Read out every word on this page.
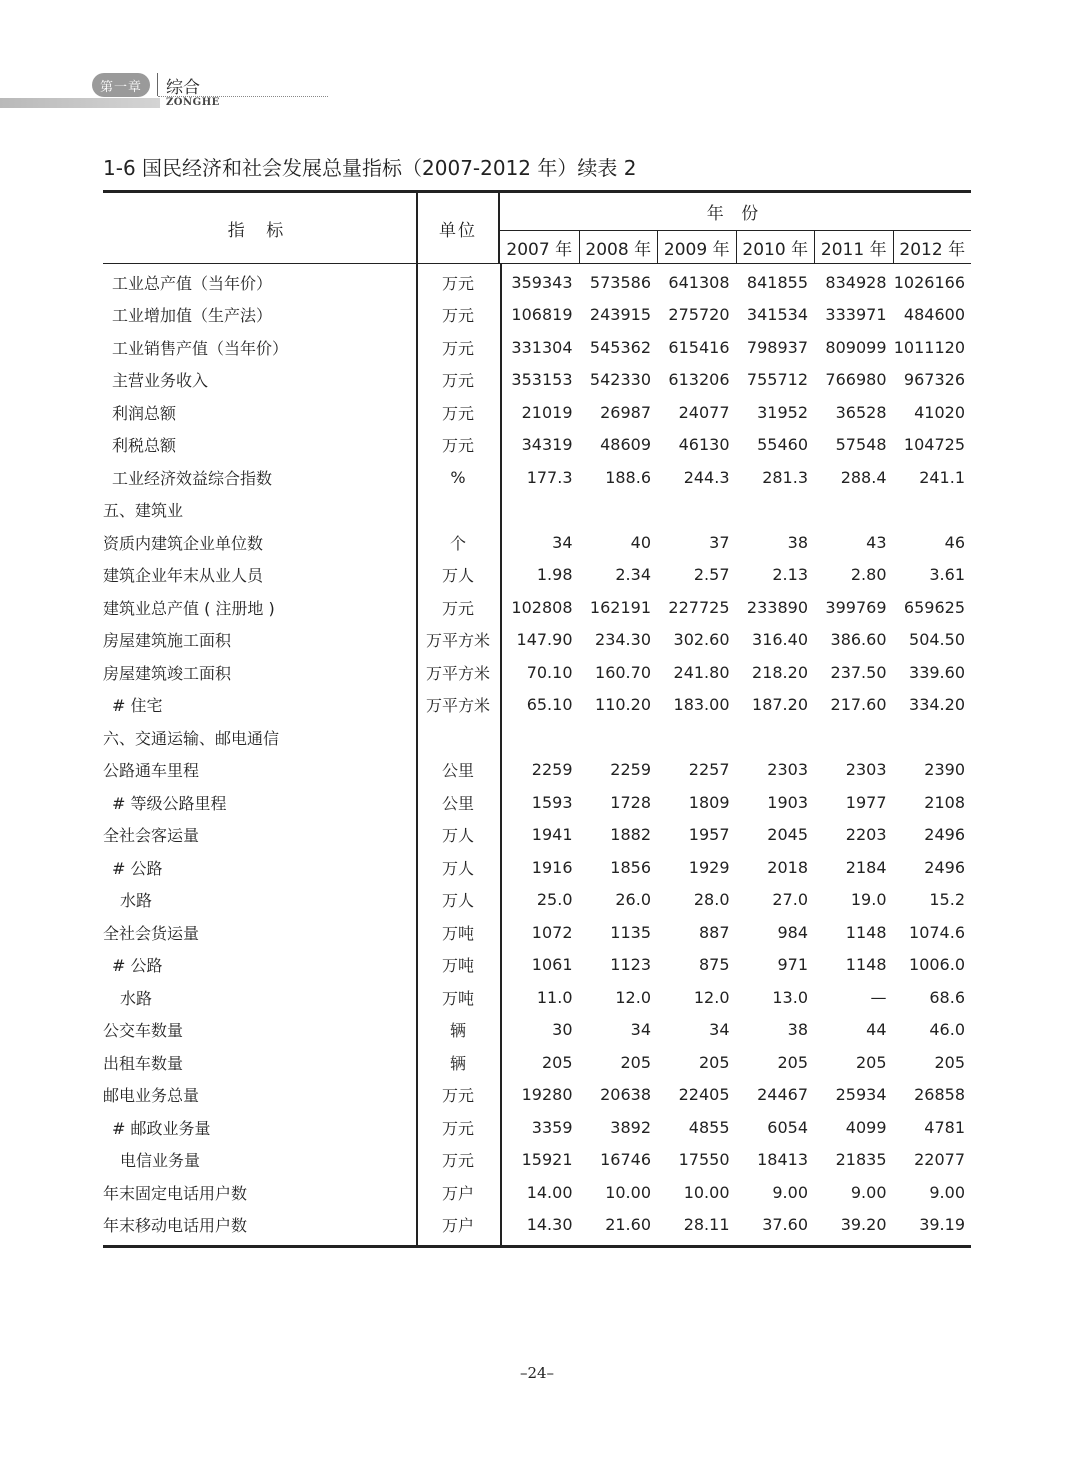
第一章	综合
ZONGHE
1-6 国民经济和社会发展总量指标（2007-2012 年）续表 2
指 标	单位
年 份
2007 年 2008 年 2009 年 2010 年 2011 年 2012 年
工业总产值（当年价）	万元	359343	573586	641308	841855	834928 1026166
工业增加值（生产法）	万元	106819	243915	275720	341534	333971	484600
工业销售产值（当年价）	万元	331304	545362	615416	798937	809099 1011120
主营业务收入	万元	353153	542330	613206	755712	766980	967326
利润总额	万元	21019	26987	24077	31952	36528	41020
利税总额	万元	34319	48609	46130	55460	57548	104725
工业经济效益综合指数	%	177.3	188.6	244.3	281.3	288.4	241.1
五、建筑业
资质内建筑企业单位数	个	34	40	37	38	43	46
建筑企业年末从业人员	万人	1.98	2.34	2.57	2.13	2.80	3.61
建筑业总产值 ( 注册地 )	万元	102808	162191	227725	233890	399769	659625
房屋建筑施工面积	万平方米	147.90	234.30	302.60	316.40	386.60	504.50
房屋建筑竣工面积	万平方米	70.10	160.70	241.80	218.20	237.50	339.60
# 住宅	万平方米	65.10	110.20	183.00	187.20	217.60	334.20
六、交通运输、邮电通信
公路通车里程	公里	2259	2259	2257	2303	2303	2390
# 等级公路里程	公里	1593	1728	1809	1903	1977	2108
全社会客运量	万人	1941	1882	1957	2045	2203	2496
# 公路	万人	1916	1856	1929	2018	2184	2496
水路	万人	25.0	26.0	28.0	27.0	19.0	15.2
全社会货运量	万吨	1072	1135	887	984	1148	1074.6
# 公路	万吨	1061	1123	875	971	1148	1006.0
水路	万吨	11.0	12.0	12.0	13.0	—	68.6
公交车数量	辆	30	34	34	38	44	46.0
出租车数量	辆	205	205	205	205	205	205
邮电业务总量	万元	19280	20638	22405	24467	25934	26858
# 邮政业务量	万元	3359	3892	4855	6054	4099	4781
电信业务量	万元	15921	16746	17550	18413	21835	22077
年末固定电话用户数	万户	14.00	10.00	10.00	9.00	9.00	9.00
年末移动电话用户数	万户	14.30	21.60	28.11	37.60	39.20	39.19
–24–
